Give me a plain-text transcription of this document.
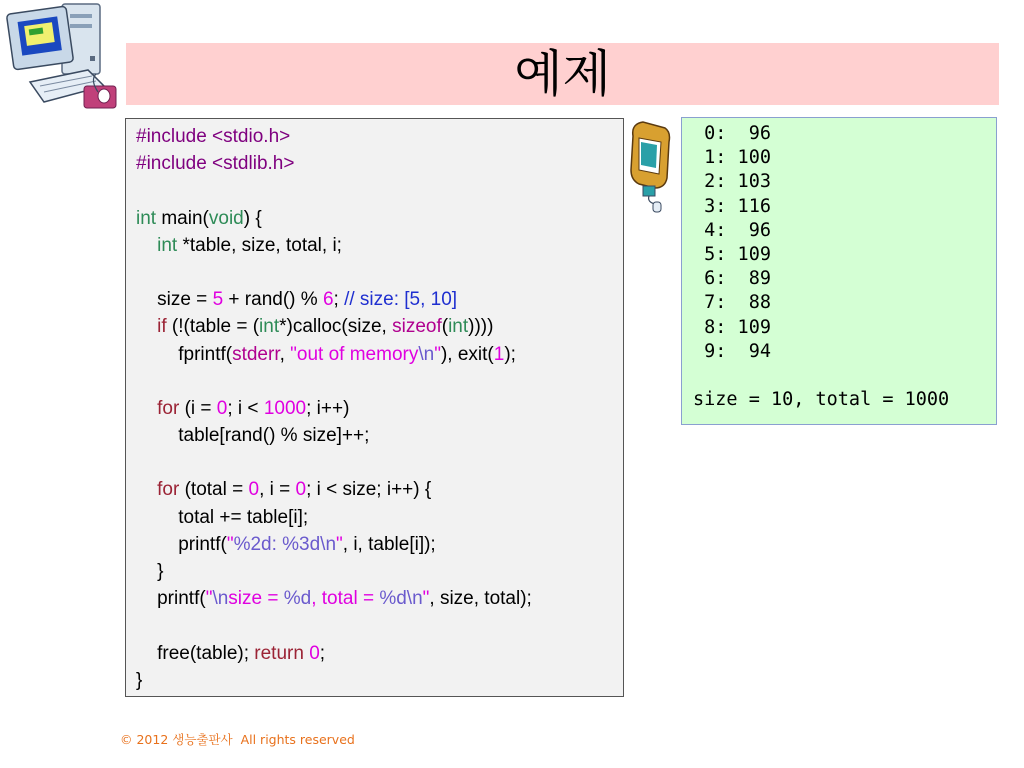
예제
#include <stdio.h>
#include <stdlib.h>
int main(void) {
int *table, size, total, i;
size = 5 + rand() % 6; // size: [5, 10]
if (!(table = (int*)calloc(size, sizeof(int))))
fprintf(stderr, "out of memory\n"), exit(1);
for (i = 0; i < 1000; i++)
table[rand() % size]++;
for (total = 0, i = 0; i < size; i++) {
total += table[i];
printf("%2d: %3d\n", i, table[i]);
}
printf("\nsize = %d, total = %d\n", size, total);
free(table); return 0;
}
0:  96
1: 100
2: 103
3: 116
4:  96
5: 109
6:  89
7:  88
8: 109
9:  94
size = 10, total = 1000
© 2012 생능출판사  All rights reserved
